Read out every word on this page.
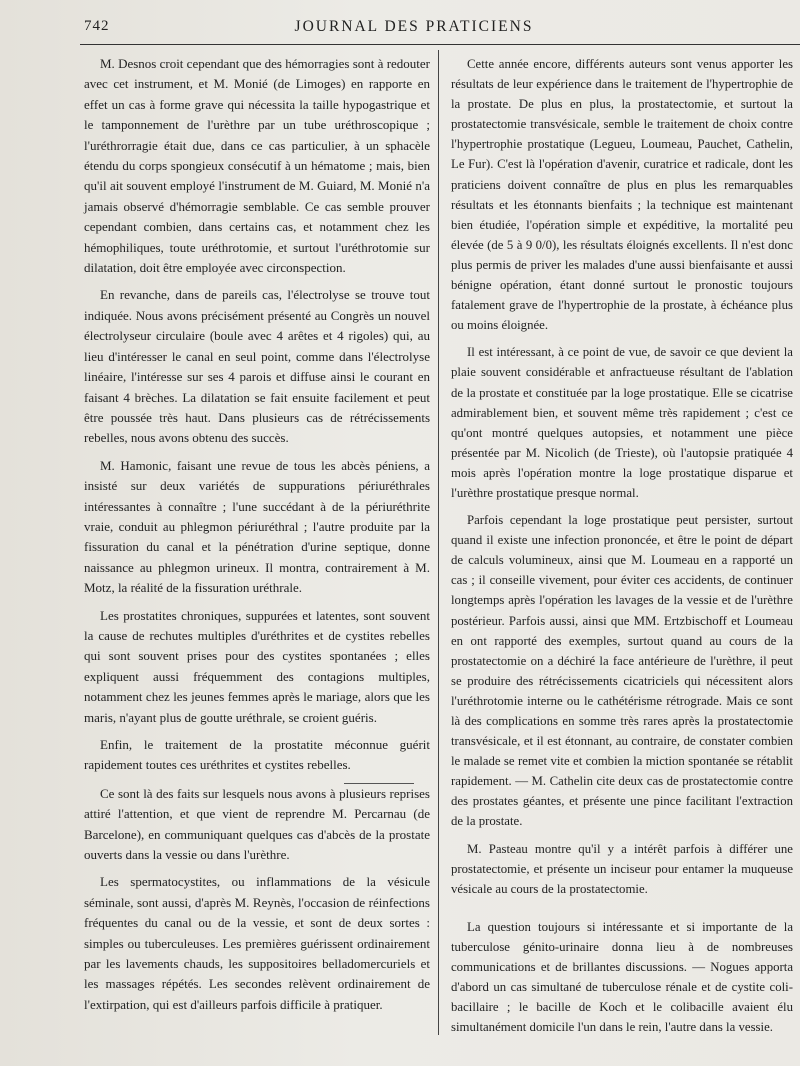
742	JOURNAL DES PRATICIENS

M. Desnos croit cependant que des hémorragies sont à redouter avec cet instrument, et M. Monié (de Limoges) en rapporte en effet un cas à forme grave qui nécessita la taille hypogastrique et le tamponnement de l'urèthre par un tube uréthroscopique ; l'uréthrorragie était due, dans ce cas particulier, à un sphacèle étendu du corps spongieux consécutif à un hématome ; mais, bien qu'il ait souvent employé l'instrument de M. Guiard, M. Monié n'a jamais observé d'hémorragie semblable. Ce cas semble prouver cependant combien, dans certains cas, et notamment chez les hémophiliques, toute uréthrotomie, et surtout l'uréthrotomie sur dilatation, doit être employée avec circonspection.

En revanche, dans de pareils cas, l'électrolyse se trouve tout indiquée. Nous avons précisément présenté au Congrès un nouvel électrolyseur circulaire (boule avec 4 arêtes et 4 rigoles) qui, au lieu d'intéresser le canal en seul point, comme dans l'électrolyse linéaire, l'intéresse sur ses 4 parois et diffuse ainsi le courant en faisant 4 brèches. La dilatation se fait ensuite facilement et peut être poussée très haut. Dans plusieurs cas de rétrécissements rebelles, nous avons obtenu des succès.

M. Hamonic, faisant une revue de tous les abcès péniens, a insisté sur deux variétés de suppurations périuréthrales intéressantes à connaître ; l'une succédant à de la périuréthrite vraie, conduit au phlegmon périuréthral ; l'autre produite par la fissuration du canal et la pénétration d'urine septique, donne naissance au phlegmon urineux. Il montra, contrairement à M. Motz, la réalité de la fissuration uréthrale.

Les prostatites chroniques, suppurées et latentes, sont souvent la cause de rechutes multiples d'uréthrites et de cystites rebelles qui sont souvent prises pour des cystites spontanées ; elles expliquent aussi fréquemment des contagions multiples, notamment chez les jeunes femmes après le mariage, alors que les maris, n'ayant plus de goutte uréthrale, se croient guéris.

Enfin, le traitement de la prostatite méconnue guérit rapidement toutes ces uréthrites et cystites rebelles.

Ce sont là des faits sur lesquels nous avons à plusieurs reprises attiré l'attention, et que vient de reprendre M. Percarnau (de Barcelone), en communiquant quelques cas d'abcès de la prostate ouverts dans la vessie ou dans l'urèthre.

Les spermatocystites, ou inflammations de la vésicule séminale, sont aussi, d'après M. Reynès, l'occasion de réinfections fréquentes du canal ou de la vessie, et sont de deux sortes : simples ou tuberculeuses. Les premières guérissent ordinairement par les lavements chauds, les suppositoires belladomercuriels et les massages répétés. Les secondes relèvent ordinairement de l'extirpation, qui est d'ailleurs parfois difficile à pratiquer.

Cette année encore, différents auteurs sont venus apporter les résultats de leur expérience dans le traitement de l'hypertrophie de la prostate. De plus en plus, la prostatectomie, et surtout la prostatectomie transvésicale, semble le traitement de choix contre l'hypertrophie prostatique (Legueu, Loumeau, Pauchet, Cathelin, Le Fur). C'est là l'opération d'avenir, curatrice et radicale, dont les praticiens doivent connaître de plus en plus les remarquables résultats et les étonnants bienfaits ; la technique est maintenant bien étudiée, l'opération simple et expéditive, la mortalité peu élevée (de 5 à 9 0/0), les résultats éloignés excellents. Il n'est donc plus permis de priver les malades d'une aussi bienfaisante et aussi bénigne opération, étant donné surtout le pronostic toujours fatalement grave de l'hypertrophie de la prostate, à échéance plus ou moins éloignée.

Il est intéressant, à ce point de vue, de savoir ce que devient la plaie souvent considérable et anfractueuse résultant de l'ablation de la prostate et constituée par la loge prostatique. Elle se cicatrise admirablement bien, et souvent même très rapidement ; c'est ce qu'ont montré quelques autopsies, et notamment une pièce présentée par M. Nicolich (de Trieste), où l'autopsie pratiquée 4 mois après l'opération montre la loge prostatique disparue et l'urèthre prostatique presque normal.

Parfois cependant la loge prostatique peut persister, surtout quand il existe une infection prononcée, et être le point de départ de calculs volumineux, ainsi que M. Loumeau en a rapporté un cas ; il conseille vivement, pour éviter ces accidents, de continuer longtemps après l'opération les lavages de la vessie et de l'urèthre postérieur. Parfois aussi, ainsi que MM. Ertzbischoff et Loumeau en ont rapporté des exemples, surtout quand au cours de la prostatectomie on a déchiré la face antérieure de l'urèthre, il peut se produire des rétrécissements cicatriciels qui nécessitent alors l'uréthrotomie interne ou le cathétérisme rétrograde. Mais ce sont là des complications en somme très rares après la prostatectomie transvésicale, et il est étonnant, au contraire, de constater combien le malade se remet vite et combien la miction spontanée se rétablit rapidement. — M. Cathelin cite deux cas de prostatectomie contre des prostates géantes, et présente une pince facilitant l'extraction de la prostate.

M. Pasteau montre qu'il y a intérêt parfois à différer une prostatectomie, et présente un inciseur pour entamer la muqueuse vésicale au cours de la prostatectomie.

La question toujours si intéressante et si importante de la tuberculose génito-urinaire donna lieu à de nombreuses communications et de brillantes discussions. — Nogues apporta d'abord un cas simultané de tuberculose rénale et de cystite coli-bacillaire ; le bacille de Koch et le colibacille avaient élu simultanément domicile l'un dans le rein, l'autre dans la vessie.
